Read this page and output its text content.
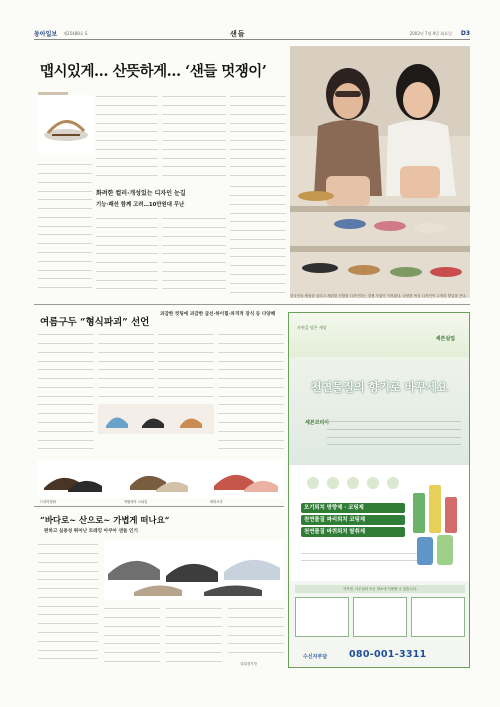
동아일보 제25488호 S	샌들	2002년 7월 9일 화요일 D3
맵시있게… 산뜻하게… ‘샌들 멋쟁이’
화려한 컬러·개성있는 디자인 눈길
기능·패션 함께 고려…10만원대 무난
한국인의 체형을 살리고 세련된 신발을 디자인하는 경쟁 사업이 가져왔다. 다양한 색상 디자인이 고객의 발길을 끈다.
여름구두 “형식파괴” 선언
과감한 컷팅에 과감한 굽선·하이힐·파격적 장식 등 다양해
드라이빙화	이탈리아 스타일	비비르가
“바다로~ 산으로~ 가볍게 떠나요”
편하고 실용성 뛰어난 트레킹 아쿠아 샌들 인기
김희경기자
자연을 담은 세상
세븐실업
천연물질의 향기로 바꾸세요
세븐코리아
모기퇴치 방향제 · 코팅제
천연물질 파리퇴치 코팅제
천연물질 바퀴퇴치 탈취제
각가정, 사무실의 모든 장소에 사용할 수 있습니다.
수신자부담 080-001-3311
